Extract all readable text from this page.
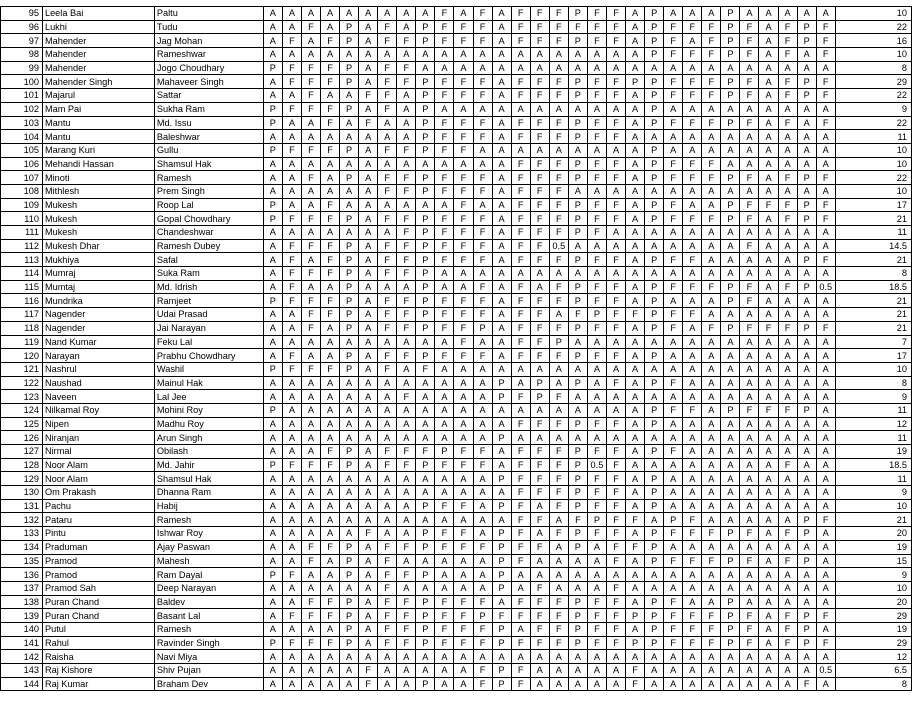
95	Leela Bai	Paltu	A	A	A	A	A	A	A	A	A	F	A	F	A	F	F	F	P	F	F	A	P	A	A	A	P	A	A	A	A	A	10
96	Lukhi	Tudu	A	A	F	A	P	A	F	A	P	F	F	F	A	F	F	F	F	F	F	A	P	F	F	F	P	F	A	F	P	F	22
97	Mahender	Jag Mohan	A	F	A	F	P	A	F	F	P	F	F	F	A	F	F	F	P	F	F	A	P	F	A	F	P	F	A	F	P	F	16
98	Mahender	Rameshwar	A	A	A	A	A	A	A	A	A	A	A	A	A	A	A	A	A	A	A	A	P	F	F	F	P	F	A	F	A	F	10
99	Mahender	Jogo Choudhary	P	F	F	F	P	A	F	F	A	A	A	A	A	A	A	A	A	A	A	A	A	A	A	A	A	A	A	A	A	A	8
100	Mahender Singh	Mahaveer Singh	A	F	F	F	P	A	F	F	P	F	F	F	A	F	F	F	P	F	F	P	P	F	F	F	P	F	A	F	P	F	29
101	Majarul	Sattar	A	A	F	A	A	F	F	A	P	F	F	F	A	F	F	F	P	F	F	A	P	F	F	F	P	F	A	F	P	F	22
102	Mam Pai	Sukha Ram	P	F	F	F	P	A	F	A	P	A	A	A	A	A	A	A	A	A	A	A	P	A	A	A	A	A	A	A	A	A	9
103	Mantu	Md. Issu	P	A	A	F	A	F	A	A	P	F	F	F	A	F	F	F	P	F	F	A	P	F	F	F	P	F	A	F	A	F	22
104	Mantu	Baleshwar	A	A	A	A	A	A	A	A	P	F	F	F	A	F	F	F	P	F	F	A	A	A	A	A	A	A	A	A	A	A	11
105	Marang Kuri	Gullu	P	F	F	F	P	A	F	F	P	F	F	A	A	A	A	A	A	A	A	A	P	A	A	A	A	A	A	A	A	A	10
106	Mehandi Hassan	Shamsul Hak	A	A	A	A	A	A	A	A	A	A	A	A	A	F	F	F	P	F	F	A	P	F	F	F	A	A	A	A	A	A	10
107	Minoti	Ramesh	A	A	F	A	P	A	F	F	P	F	F	F	A	F	F	F	P	F	F	A	P	F	F	F	P	F	A	F	P	F	22
108	Mithlesh	Prem Singh	A	A	A	A	A	A	F	F	P	F	F	F	A	F	F	F	A	A	A	A	A	A	A	A	A	A	A	A	A	A	10
109	Mukesh	Roop Lal	P	A	A	F	A	A	A	A	A	A	F	A	A	F	F	F	P	F	F	A	P	F	A	A	P	F	F	F	P	F	17
110	Mukesh	Gopal Chowdhary	P	F	F	F	P	A	F	F	P	F	F	F	A	F	F	F	P	F	F	A	P	F	F	F	P	F	A	F	P	F	21
111	Mukesh	Chandeshwar	A	A	A	A	A	A	A	F	P	F	F	F	A	F	F	F	P	F	A	A	A	A	A	A	A	A	A	A	A	A	11
112	Mukesh Dhar	Ramesh Dubey	A	F	F	F	P	A	F	F	P	F	F	F	A	F	F	0.5	A	A	A	A	A	A	A	A	A	F	A	A	A	A	14.5
113	Mukhiya	Safal	A	F	A	F	P	A	F	F	P	F	F	F	A	F	F	F	P	F	F	A	P	F	F	A	A	A	A	A	P	F	21
114	Mumraj	Suka Ram	A	F	F	F	P	A	F	F	P	A	A	A	A	A	A	A	A	A	A	A	A	A	A	A	A	A	A	A	A	A	8
115	Mumtaj	Md. Idrish	A	F	A	A	P	A	A	A	P	A	A	F	A	F	A	F	P	F	F	A	P	F	F	F	P	F	A	F	P	0.5	18.5
116	Mundrika	Ramjeet	P	F	F	F	P	A	F	F	P	F	F	F	A	F	F	F	P	F	F	A	P	A	A	A	P	F	A	A	A	A	21
117	Nagender	Udai Prasad	A	A	F	F	P	A	F	F	P	F	F	F	A	F	F	A	F	P	F	F	P	F	F	A	A	A	A	A	A	A	21
118	Nagender	Jai Narayan	A	A	F	A	P	A	F	F	P	F	F	P	A	F	F	F	P	F	F	A	P	F	A	F	P	F	F	F	P	F	21
119	Nand Kumar	Feku Lal	A	A	A	A	A	A	A	A	A	A	F	A	A	F	F	P	A	A	A	A	A	A	A	A	A	A	A	A	A	A	7
120	Narayan	Prabhu Chowdhary	A	F	A	A	P	A	F	F	P	F	F	F	A	F	F	F	P	F	F	A	P	A	A	A	A	A	A	A	A	A	17
121	Nashrul	Washil	P	F	F	F	P	A	F	A	F	A	A	A	A	A	A	A	A	A	A	A	A	A	A	A	A	A	A	A	A	A	10
122	Naushad	Mainul Hak	A	A	A	A	A	A	A	A	A	A	A	A	P	A	P	A	P	A	F	A	P	F	A	A	A	A	A	A	A	A	8
123	Naveen	Lal Jee	A	A	A	A	A	A	A	F	A	A	A	A	P	F	P	F	A	A	A	A	A	A	A	A	A	A	A	A	A	A	9
124	Nilkamal Roy	Mohini Roy	P	A	A	A	A	A	A	A	A	A	A	A	A	A	A	A	A	A	A	A	P	F	F	A	P	F	F	F	P	A	11
125	Nipen	Madhu Roy	A	A	A	A	A	A	A	A	A	A	A	A	A	F	F	F	P	F	F	A	P	A	A	A	A	A	A	A	A	A	12
126	Niranjan	Arun Singh	A	A	A	A	A	A	A	A	A	A	A	A	P	A	A	A	A	A	A	A	A	A	A	A	A	A	A	A	A	A	11
127	Nirmal	Obilash	A	A	A	F	P	A	F	F	F	P	F	F	A	F	F	F	P	F	F	A	P	F	A	A	A	A	A	A	A	A	19
128	Noor Alam	Md. Jahir	P	F	F	F	P	A	F	F	P	F	F	F	A	F	F	F	P	0.5	F	A	A	A	A	A	A	A	A	F	A	A	18.5
129	Noor Alam	Shamsul Hak	A	A	A	A	A	A	A	A	A	A	A	A	P	F	F	F	P	F	F	A	P	A	A	A	A	A	A	A	A	A	11
130	Om Prakash	Dhanna Ram	A	A	A	A	A	A	A	A	A	A	A	A	A	F	F	F	P	F	F	A	P	A	A	A	A	A	A	A	A	A	9
131	Pachu	Habij	A	A	A	A	A	A	A	A	P	F	F	A	P	F	A	F	P	F	F	A	P	A	A	A	A	A	A	A	A	A	10
132	Pataru	Ramesh	A	A	A	A	A	A	A	A	A	A	A	A	A	F	F	A	F	P	F	F	A	P	F	A	A	A	A	A	P	F	21
133	Pintu	Ishwar Roy	A	A	A	A	A	F	A	A	P	F	F	A	P	F	A	F	P	F	F	A	P	F	F	F	P	F	A	F	P	A	20
134	Praduman	Ajay Paswan	A	A	F	F	P	A	F	F	P	F	F	F	P	F	F	A	P	A	F	F	P	A	A	A	A	A	A	A	A	A	19
135	Pramod	Mahesh	A	A	F	A	P	A	F	A	A	A	A	A	P	F	A	A	A	A	F	A	P	F	F	F	P	F	A	F	P	A	15
136	Pramod	Ram Dayal	P	F	A	A	P	A	F	F	P	A	A	A	P	A	A	A	A	A	A	A	A	A	A	A	A	A	A	A	A	A	9
137	Pramod Sah	Deep Narayan	A	A	A	A	A	A	F	A	A	A	A	A	P	A	F	A	A	A	F	A	A	A	A	A	A	A	A	A	A	A	10
138	Puran Chand	Baldev	A	A	F	F	P	A	F	F	P	F	F	F	A	F	F	F	P	F	F	A	P	F	A	A	P	A	A	A	A	A	20
139	Puran Chand	Basant Lal	A	F	F	F	P	A	F	F	P	F	F	P	F	F	F	F	P	F	F	P	P	F	F	F	P	F	A	F	P	F	29
140	Putul	Ramesh	A	A	A	A	P	A	F	F	P	F	F	F	P	A	F	F	P	F	F	A	P	F	F	F	P	F	A	F	P	A	19
141	Rahul	Ravinder Singh	P	F	F	F	P	A	F	F	P	F	F	F	P	F	F	F	P	F	F	P	P	F	F	F	P	F	A	F	P	F	29
142	Raisha	Navi Miya	A	A	A	A	A	A	A	A	A	A	A	A	A	A	A	A	A	A	A	A	A	A	A	A	A	A	A	A	A	A	12
143	Raj Kishore	Shiv Pujan	A	A	A	A	A	F	A	A	A	A	A	F	P	F	A	A	A	A	A	F	A	A	A	A	A	A	A	A	A	0.5	6.5
144	Raj Kumar	Braham Dev	A	A	A	A	A	F	A	A	P	A	A	F	P	F	A	A	A	A	A	F	A	A	A	A	A	A	A	A	F	A	8
